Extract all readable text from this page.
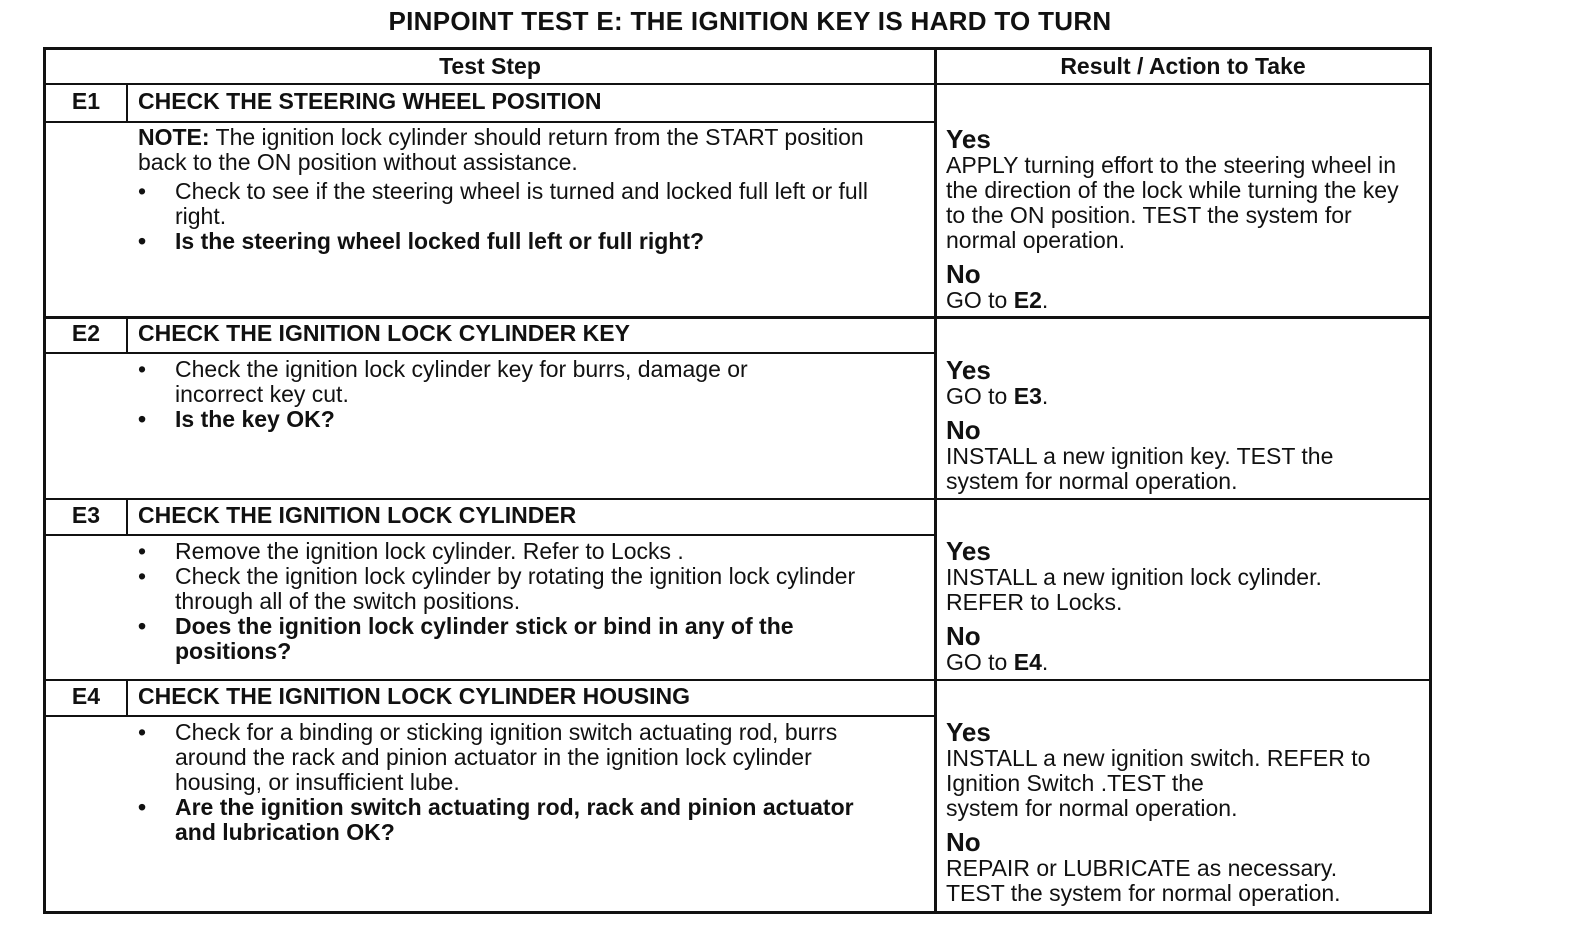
PINPOINT TEST E: THE IGNITION KEY IS HARD TO TURN
Test Step	Result / Action to Take
E1	CHECK THE STEERING WHEEL POSITION
NOTE: The ignition lock cylinder should return from the START position back to the ON position without assistance.
• Check to see if the steering wheel is turned and locked full left or full right.
• Is the steering wheel locked full left or full right?
Yes
APPLY turning effort to the steering wheel in the direction of the lock while turning the key to the ON position. TEST the system for normal operation.
No
GO to E2.
E2	CHECK THE IGNITION LOCK CYLINDER KEY
• Check the ignition lock cylinder key for burrs, damage or incorrect key cut.
• Is the key OK?
Yes
GO to E3.
No
INSTALL a new ignition key. TEST the system for normal operation.
E3	CHECK THE IGNITION LOCK CYLINDER
• Remove the ignition lock cylinder. Refer to Locks .
• Check the ignition lock cylinder by rotating the ignition lock cylinder through all of the switch positions.
• Does the ignition lock cylinder stick or bind in any of the positions?
Yes
INSTALL a new ignition lock cylinder. REFER to Locks.
No
GO to E4.
E4	CHECK THE IGNITION LOCK CYLINDER HOUSING
• Check for a binding or sticking ignition switch actuating rod, burrs around the rack and pinion actuator in the ignition lock cylinder housing, or insufficient lube.
• Are the ignition switch actuating rod, rack and pinion actuator and lubrication OK?
Yes
INSTALL a new ignition switch. REFER to
Ignition Switch .TEST the
system for normal operation.
No
REPAIR or LUBRICATE as necessary. TEST the system for normal operation.
